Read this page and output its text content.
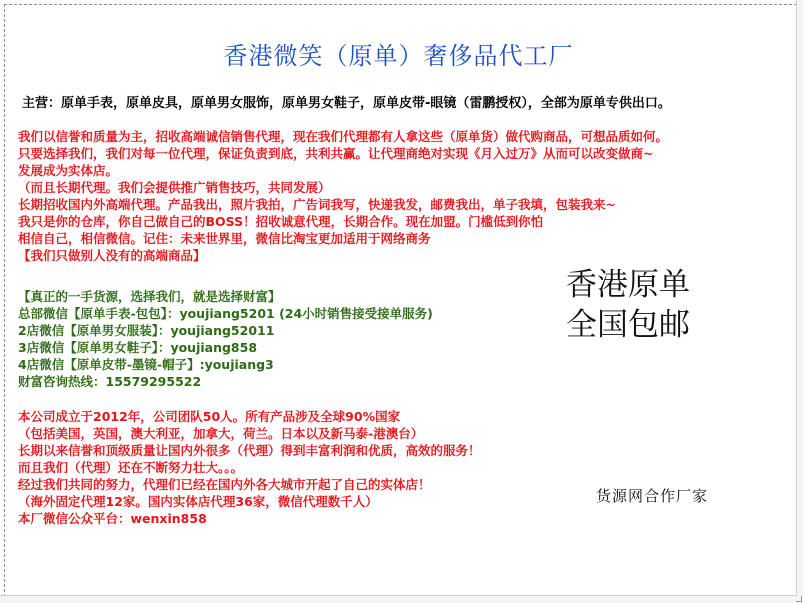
香港微笑（原单）奢侈品代工厂
主营：原单手表，原单皮具，原单男女服饰，原单男女鞋子，原单皮带-眼镜（雷鹏授权），全部为原单专供出口。
我们以信誉和质量为主，招收高端诚信销售代理，现在我们代理都有人拿这些（原单货）做代购商品，可想品质如何。
只要选择我们，我们对每一位代理，保证负责到底，共利共赢。让代理商绝对实现《月入过万》从而可以改变做商~
发展成为实体店。
（而且长期代理。我们会提供推广销售技巧，共同发展）
长期招收国内外高端代理。产品我出，照片我拍，广告词我写，快递我发，邮费我出，单子我填，包装我来~
我只是你的仓库，你自己做自己的BOSS！招收诚意代理，长期合作。现在加盟。门槛低到你怕
相信自己，相信微信。记住：未来世界里，微信比淘宝更加适用于网络商务
【我们只做别人没有的高端商品】
【真正的一手货源，选择我们，就是选择财富】
总部微信【原单手表-包包】：youjiang5201 (24小时销售接受接单服务)
2店微信【原单男女服装】：youjiang52011
3店微信【原单男女鞋子】：youjiang858
4店微信【原单皮带-墨镜-帽子】:youjiang3
财富咨询热线：15579295522
本公司成立于2012年，公司团队50人。所有产品涉及全球90%国家
（包括美国，英国，澳大利亚，加拿大，荷兰。日本以及新马泰-港澳台）
长期以来信誉和顶级质量让国内外很多（代理）得到丰富利润和优质，高效的服务！
而且我们（代理）还在不断努力壮大。。。
经过我们共同的努力，代理们已经在国内外各大城市开起了自己的实体店！
（海外固定代理12家。国内实体店代理36家，微信代理数千人）
本厂微信公众平台：wenxin858
香港原单
全国包邮
货源网合作厂家
